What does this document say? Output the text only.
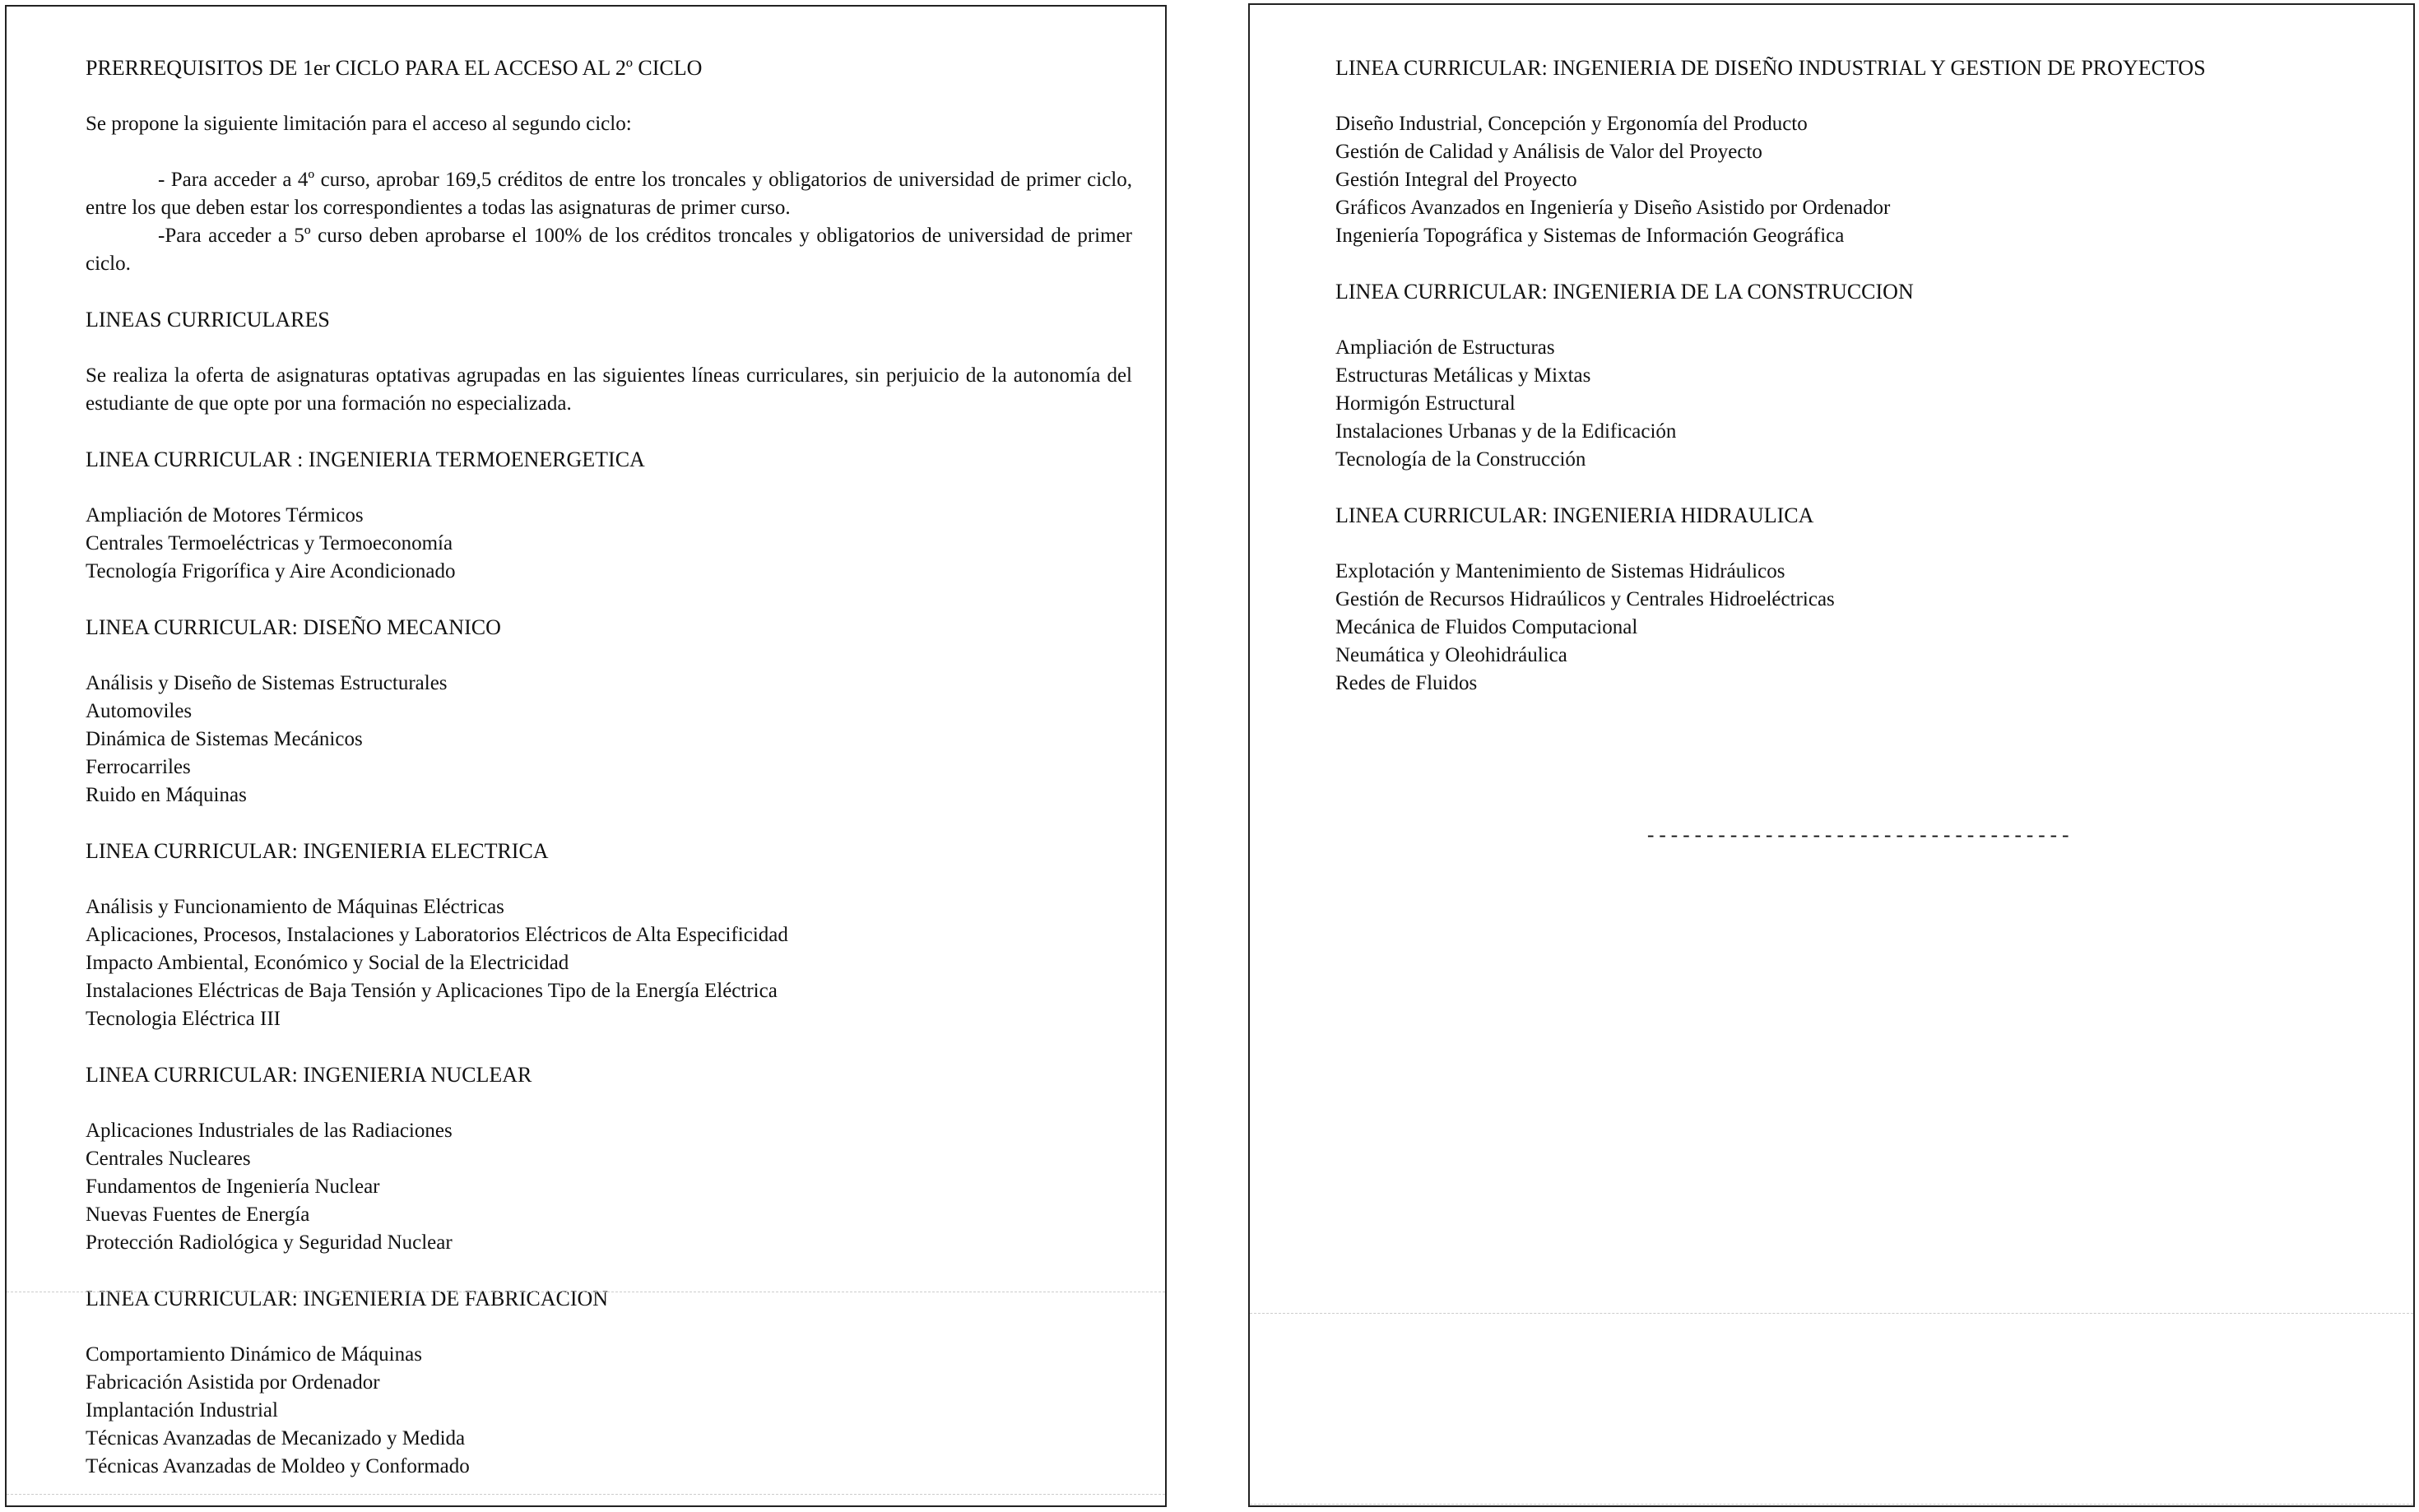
PRERREQUISITOS DE 1er CICLO PARA EL ACCESO AL 2º CICLO

Se propone la siguiente limitación para el acceso al segundo ciclo:

- Para acceder a 4º curso, aprobar 169,5 créditos de entre los troncales y obligatorios de universidad de primer ciclo, entre los que deben estar los correspondientes a todas las asignaturas de primer curso.

-Para acceder a 5º curso deben aprobarse el 100% de los créditos troncales y obligatorios de universidad de primer ciclo.

LINEAS CURRICULARES

Se realiza la oferta de asignaturas optativas agrupadas en las siguientes líneas curriculares, sin perjuicio de la autonomía del estudiante de que opte por una formación no especializada.

LINEA CURRICULAR : INGENIERIA TERMOENERGETICA
Ampliación de Motores Térmicos
Centrales Termoeléctricas y Termoeconomía
Tecnología Frigorífica y Aire Acondicionado
LINEA CURRICULAR: DISEÑO MECANICO
Análisis y Diseño de Sistemas Estructurales
Automoviles
Dinámica de Sistemas Mecánicos
Ferrocarriles
Ruido en Máquinas
LINEA CURRICULAR: INGENIERIA ELECTRICA
Análisis y Funcionamiento de Máquinas Eléctricas
Aplicaciones, Procesos, Instalaciones y Laboratorios Eléctricos de Alta Especificidad
Impacto Ambiental, Económico y Social de la Electricidad
Instalaciones Eléctricas de Baja Tensión y Aplicaciones Tipo de la Energía Eléctrica
Tecnologia Eléctrica III
LINEA CURRICULAR: INGENIERIA NUCLEAR
Aplicaciones Industriales de las Radiaciones
Centrales Nucleares
Fundamentos de Ingeniería Nuclear
Nuevas Fuentes de Energía
Protección Radiológica y Seguridad Nuclear
LINEA CURRICULAR: INGENIERIA DE FABRICACION
Comportamiento Dinámico de Máquinas
Fabricación Asistida por Ordenador
Implantación Industrial
Técnicas Avanzadas de Mecanizado y Medida
Técnicas Avanzadas de Moldeo y Conformado
LINEA CURRICULAR: INGENIERIA DE DISEÑO INDUSTRIAL Y GESTION DE PROYECTOS
Diseño Industrial, Concepción y Ergonomía del Producto
Gestión de Calidad y Análisis de Valor del Proyecto
Gestión Integral del Proyecto
Gráficos Avanzados en Ingeniería y Diseño Asistido por Ordenador
Ingeniería Topográfica y Sistemas de Información Geográfica
LINEA CURRICULAR: INGENIERIA DE LA CONSTRUCCION
Ampliación de Estructuras
Estructuras Metálicas y Mixtas
Hormigón Estructural
Instalaciones Urbanas y de la Edificación
Tecnología de la Construcción
LINEA CURRICULAR: INGENIERIA HIDRAULICA
Explotación y Mantenimiento de Sistemas Hidráulicos
Gestión de Recursos Hidraúlicos y Centrales Hidroeléctricas
Mecánica de Fluidos Computacional
Neumática y Oleohidráulica
Redes de Fluidos
------------------------------------
